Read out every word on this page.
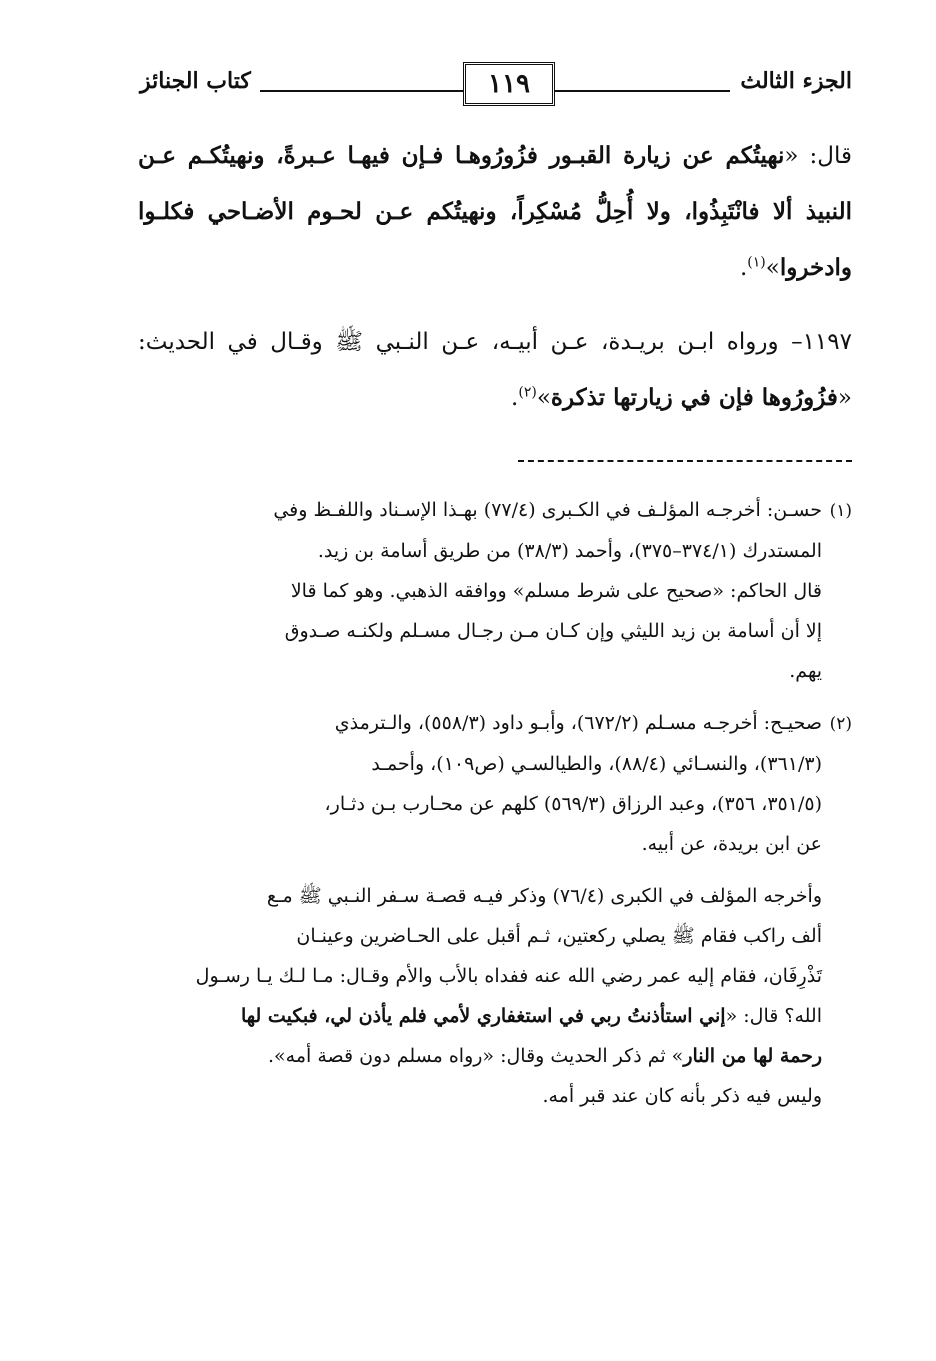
الجزء الثالث
١١٩
كتاب الجنائز

قال: «نهيتُكم عن زيارة القبـور فزُورُوهـا فـإن فيهـا عـبرةً، ونهيتُكـم عـن النبيذ ألا فانْتَبِذُوا، ولا أُحِلُّ مُسْكِراً، ونهيتُكم عـن لحـوم الأضـاحي فكلـوا وادخروا»$^{(١)}$.

١١٩٧– ورواه ابـن بريـدة، عـن أبيـه، عـن النـبي ﷺ وقـال في الحديث: «فزُورُوها فإن في زيارتها تذكرة»$^{(٢)}$.

(١)حسـن: أخرجـه المؤلـف في الكـبرى (٧٧/٤) بهـذا الإسـناد واللفـظ وفي

المستدرك (٣٧٤/١–٣٧٥)، وأحمد (٣٨/٣) من طريق أسامة بن زيد.

قال الحاكم: «صحيح على شرط مسلم» ووافقه الذهبي. وهو كما قالا

إلا أن أسامة بن زيد الليثي وإن كـان مـن رجـال مسـلم ولكنـه صـدوق

يهم.

(٢)صحيـح: أخرجـه مسـلم (٦٧٢/٢)، وأبـو داود (٥٥٨/٣)، والـترمذي

(٣٦١/٣)، والنسـائي (٨٨/٤)، والطيالسـي (ص١٠٩)، وأحمـد

(٣٥١/٥، ٣٥٦)، وعبد الرزاق (٥٦٩/٣) كلهم عن محـارب بـن دثـار،

عن ابن بريدة، عن أبيه.

وأخرجه المؤلف في الكبرى (٧٦/٤) وذكر فيـه قصـة سـفر النـبي ﷺ مـع

ألف راكب فقام ﷺ يصلي ركعتين، ثـم أقبل على الحـاضرين وعينـان

تَذْرِفَان، فقام إليه عمر رضي الله عنه ففداه بالأب والأم وقـال: مـا لـك يـا رسـول

الله؟ قال: «إني استأذنتُ ربي في استغفاري لأمي فلم يأذن لي، فبكيت لها

رحمة لها من النار» ثم ذكر الحديث وقال: «رواه مسلم دون قصة أمه».

وليس فيه ذكر بأنه كان عند قبر أمه.
